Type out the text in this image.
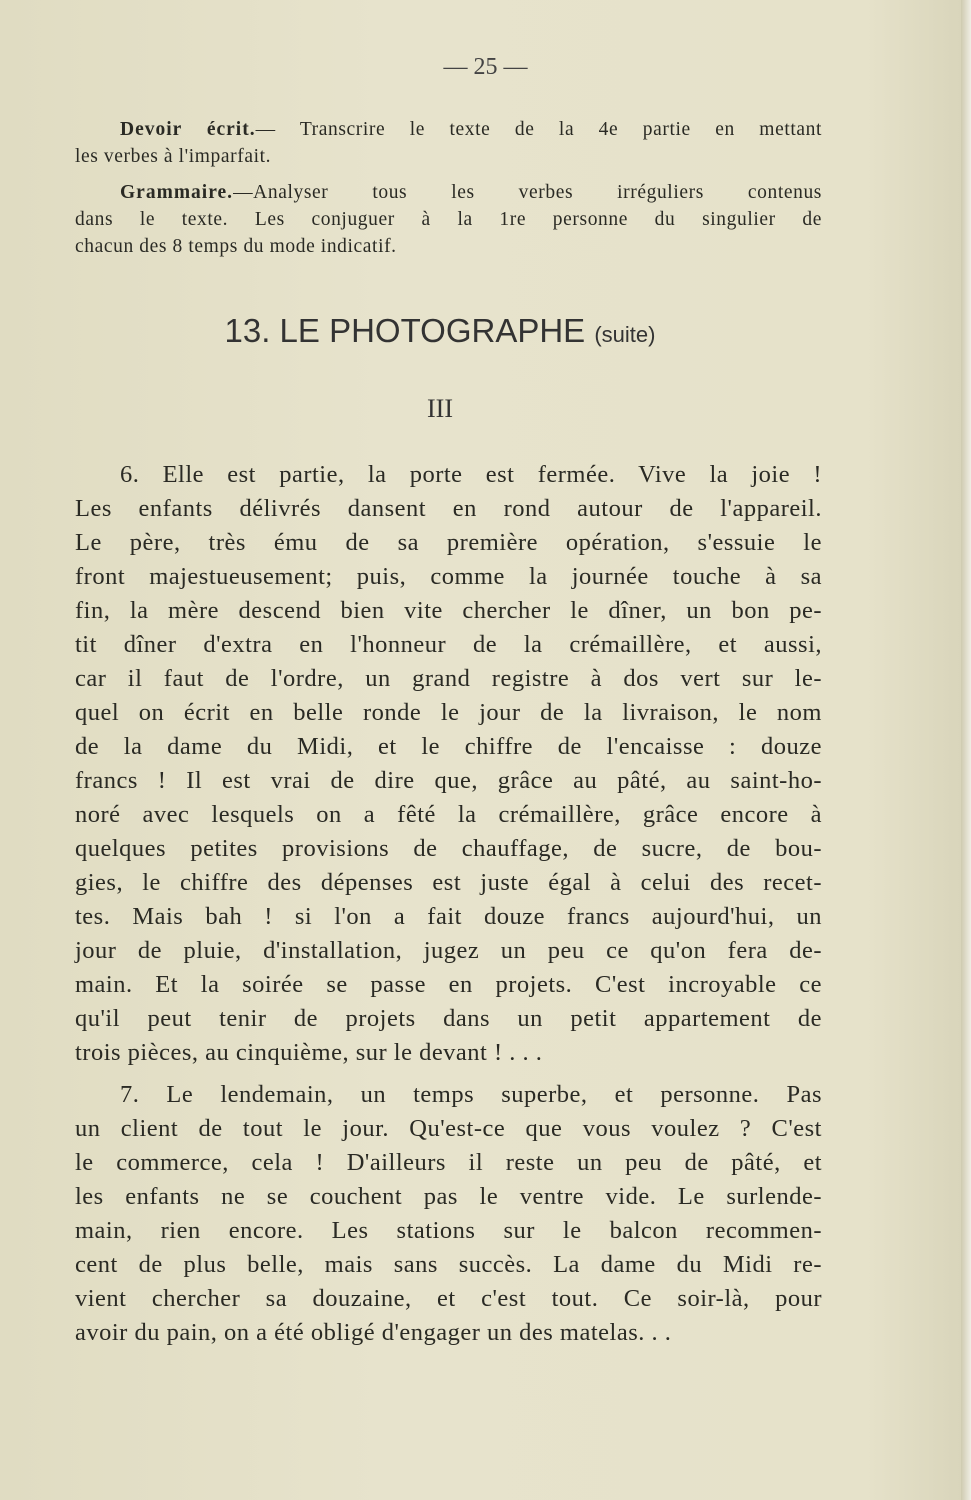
— 25 —
Devoir écrit.— Transcrire le texte de la 4e partie en mettant
les verbes à l'imparfait.
Grammaire.—Analyser tous les verbes irréguliers contenus
dans le texte. Les conjuguer à la 1re personne du singulier de
chacun des 8 temps du mode indicatif.
13. LE PHOTOGRAPHE (suite)
III
6. Elle est partie, la porte est fermée. Vive la joie !
Les enfants délivrés dansent en rond autour de l'appareil.
Le père, très ému de sa première opération, s'essuie le
front majestueusement; puis, comme la journée touche à sa
fin, la mère descend bien vite chercher le dîner, un bon pe-
tit dîner d'extra en l'honneur de la crémaillère, et aussi,
car il faut de l'ordre, un grand registre à dos vert sur le-
quel on écrit en belle ronde le jour de la livraison, le nom
de la dame du Midi, et le chiffre de l'encaisse : douze
francs ! Il est vrai de dire que, grâce au pâté, au saint-ho-
noré avec lesquels on a fêté la crémaillère, grâce encore à
quelques petites provisions de chauffage, de sucre, de bou-
gies, le chiffre des dépenses est juste égal à celui des recet-
tes. Mais bah ! si l'on a fait douze francs aujourd'hui, un
jour de pluie, d'installation, jugez un peu ce qu'on fera de-
main. Et la soirée se passe en projets. C'est incroyable ce
qu'il peut tenir de projets dans un petit appartement de
trois pièces, au cinquième, sur le devant ! . . .
7. Le lendemain, un temps superbe, et personne. Pas
un client de tout le jour. Qu'est-ce que vous voulez ? C'est
le commerce, cela ! D'ailleurs il reste un peu de pâté, et
les enfants ne se couchent pas le ventre vide. Le surlende-
main, rien encore. Les stations sur le balcon recommen-
cent de plus belle, mais sans succès. La dame du Midi re-
vient chercher sa douzaine, et c'est tout. Ce soir-là, pour
avoir du pain, on a été obligé d'engager un des matelas. . .
